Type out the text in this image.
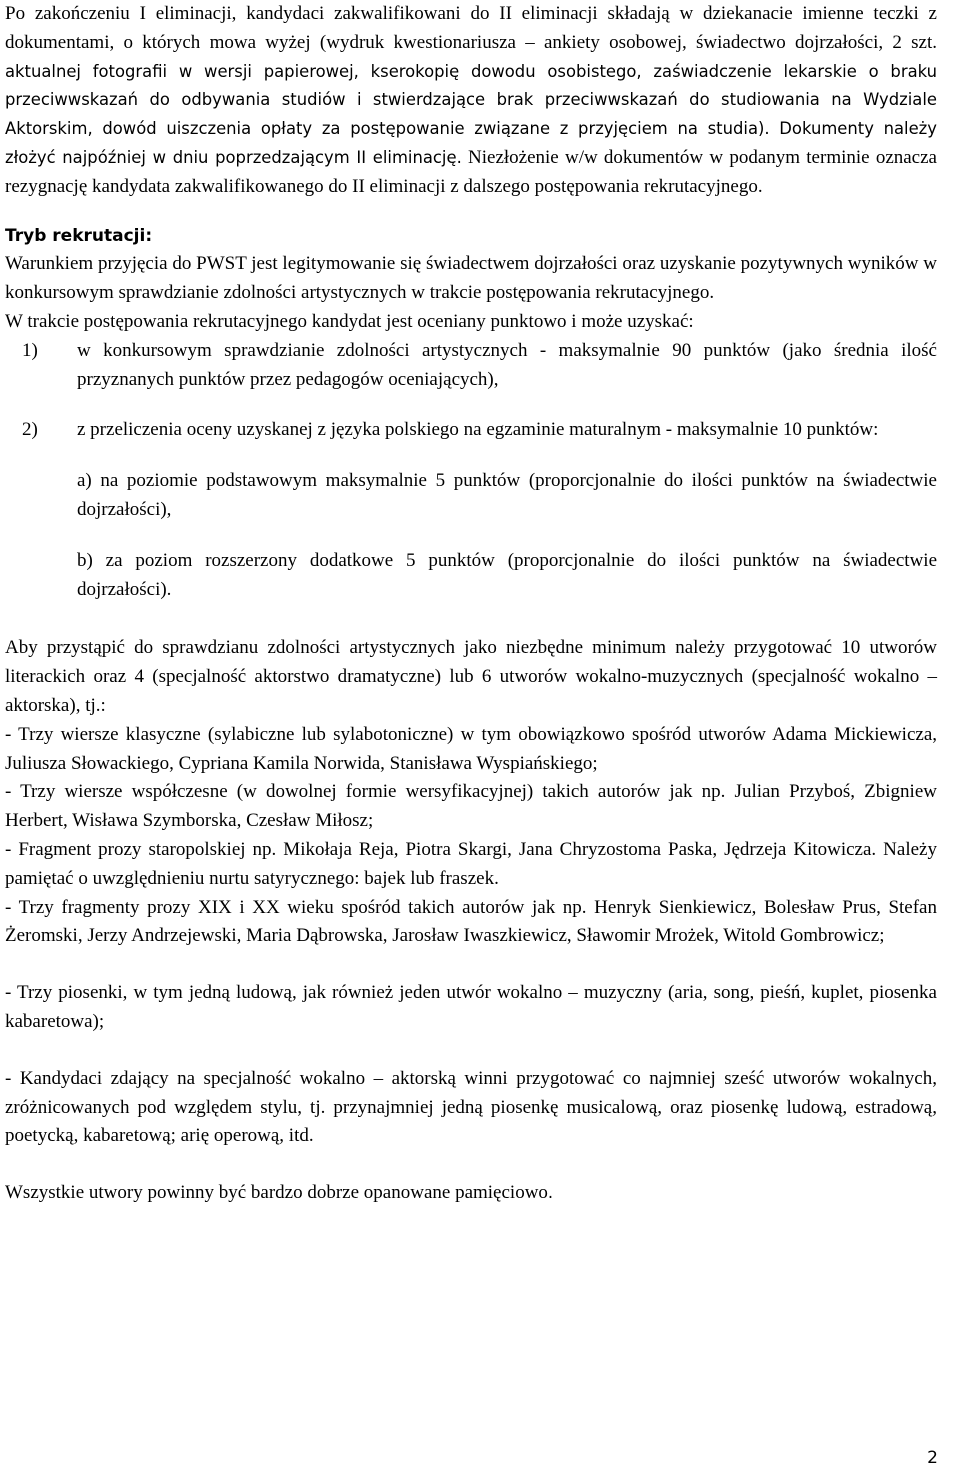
Po zakończeniu I eliminacji, kandydaci zakwalifikowani do II eliminacji składają w dziekanacie imienne teczki z dokumentami, o których mowa wyżej (wydruk kwestionariusza – ankiety osobowej, świadectwo dojrzałości, 2 szt. aktualnej fotografii w wersji papierowej, kserokopię dowodu osobistego, zaświadczenie lekarskie o braku przeciwwskazań do odbywania studiów i stwierdzające brak przeciwwskazań do studiowania na Wydziale Aktorskim, dowód uiszczenia opłaty za postępowanie związane z przyjęciem na studia). Dokumenty należy złożyć najpóźniej w dniu poprzedzającym II eliminację. Niezłożenie w/w dokumentów w podanym terminie oznacza rezygnację kandydata zakwalifikowanego do II eliminacji z dalszego postępowania rekrutacyjnego.

Tryb rekrutacji:

Warunkiem przyjęcia do PWST jest legitymowanie się świadectwem dojrzałości oraz uzyskanie pozytywnych wyników w konkursowym sprawdzianie zdolności artystycznych w trakcie postępowania rekrutacyjnego.

W trakcie postępowania rekrutacyjnego kandydat jest oceniany punktowo i może uzyskać:

1)	w konkursowym sprawdzianie zdolności artystycznych - maksymalnie 90 punktów (jako średnia ilość przyznanych punktów przez pedagogów oceniających),
2)	z przeliczenia oceny uzyskanej z języka polskiego na egzaminie maturalnym - maksymalnie 10 punktów:

a) na poziomie podstawowym maksymalnie 5 punktów (proporcjonalnie do ilości punktów na świadectwie dojrzałości),

b) za poziom rozszerzony dodatkowe 5 punktów (proporcjonalnie do ilości punktów na świadectwie dojrzałości).

Aby przystąpić do sprawdzianu zdolności artystycznych jako niezbędne minimum należy przygotować 10 utworów literackich oraz 4 (specjalność aktorstwo dramatyczne) lub 6 utworów wokalno-muzycznych (specjalność wokalno – aktorska), tj.:

- Trzy wiersze klasyczne (sylabiczne lub sylabotoniczne) w tym obowiązkowo spośród utworów Adama Mickiewicza, Juliusza Słowackiego, Cypriana Kamila Norwida, Stanisława Wyspiańskiego;

- Trzy wiersze współczesne (w dowolnej formie wersyfikacyjnej) takich autorów jak np. Julian Przyboś, Zbigniew Herbert, Wisława Szymborska, Czesław Miłosz;

- Fragment prozy staropolskiej np. Mikołaja Reja, Piotra Skargi, Jana Chryzostoma Paska, Jędrzeja Kitowicza. Należy pamiętać o uwzględnieniu nurtu satyrycznego: bajek lub fraszek.

- Trzy fragmenty prozy XIX i XX wieku spośród takich autorów jak np. Henryk Sienkiewicz, Bolesław Prus, Stefan Żeromski, Jerzy Andrzejewski, Maria Dąbrowska, Jarosław Iwaszkiewicz, Sławomir Mrożek, Witold Gombrowicz;

- Trzy piosenki, w tym jedną ludową, jak również jeden utwór wokalno – muzyczny (aria, song, pieśń, kuplet, piosenka kabaretowa);

- Kandydaci zdający na specjalność wokalno – aktorską winni przygotować co najmniej sześć utworów wokalnych, zróżnicowanych pod względem stylu, tj. przynajmniej jedną piosenkę musicalową, oraz piosenkę ludową, estradową, poetycką, kabaretową; arię operową, itd.

Wszystkie utwory powinny być bardzo dobrze opanowane pamięciowo.

2
